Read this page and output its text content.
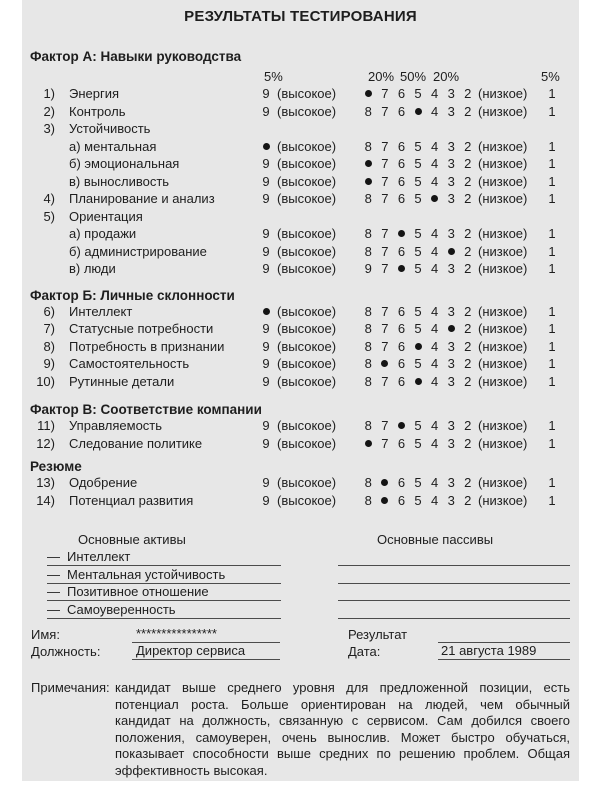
РЕЗУЛЬТАТЫ ТЕСТИРОВАНИЯ
Фактор А: Навыки руководства
5%	20% 50% 20%	5%
1)	Энергия	9 (высокое)	7 6 5 4 3 2 (низкое)	1
2)	Контроль	9 (высокое)	8 7 6	4 3 2 (низкое)	1
3)	Устойчивость
а) ментальная	(высокое)	8 7 6 5 4 3 2 (низкое)	1
б) эмоциональная	9 (высокое)	7 6 5 4 3 2 (низкое)	1
в) выносливость	9 (высокое)	7 6 5 4 3 2 (низкое)	1
4)	Планирование и анализ	9 (высокое)	8 7 6 5	3 2 (низкое)	1
5)	Ориентация
а) продажи	9 (высокое)	8 7	5 4 3 2 (низкое)	1
б) администрирование	9 (высокое)	8 7 6 5 4	2 (низкое)	1
в) люди	9 (высокое)	9 7	5 4 3 2 (низкое)	1
Фактор Б: Личные склонности
6)	Интеллект	(высокое)	8 7 6 5 4 3 2 (низкое)	1
7)	Статусные потребности	9 (высокое)	8 7 6 5 4	2 (низкое)	1
8)	Потребность в признании	9 (высокое)	8 7 6	4 3 2 (низкое)	1
9)	Самостоятельность	9 (высокое)	8	6 5 4 3 2 (низкое)	1
10)	Рутинные детали	9 (высокое)	8 7 6	4 3 2 (низкое)	1
Фактор В: Соответствие компании
11)	Управляемость	9 (высокое)	8 7	5 4 3 2 (низкое)	1
12)	Следование политике	9 (высокое)	7 6 5 4 3 2 (низкое)	1
Резюме
13)	Одобрение	9 (высокое)	8	6 5 4 3 2 (низкое)	1
14)	Потенциал развития	9 (высокое)	8	6 5 4 3 2 (низкое)	1
Основные активы	Основные пассивы
— Интеллект
— Ментальная устойчивость
— Позитивное отношение
— Самоуверенность
Имя:	****************	Результат
Должность:	Директор сервиса	Дата:	21 августа 1989
Примечания: кандидат выше среднего уровня для предложенной позиции, есть
потенциал роста. Больше ориентирован на людей, чем обычный
кандидат на должность, связанную с сервисом. Сам добился своего
положения, самоуверен, очень вынослив. Может быстро обучаться,
показывает способности выше средних по решению проблем. Общая
эффективность высокая.
